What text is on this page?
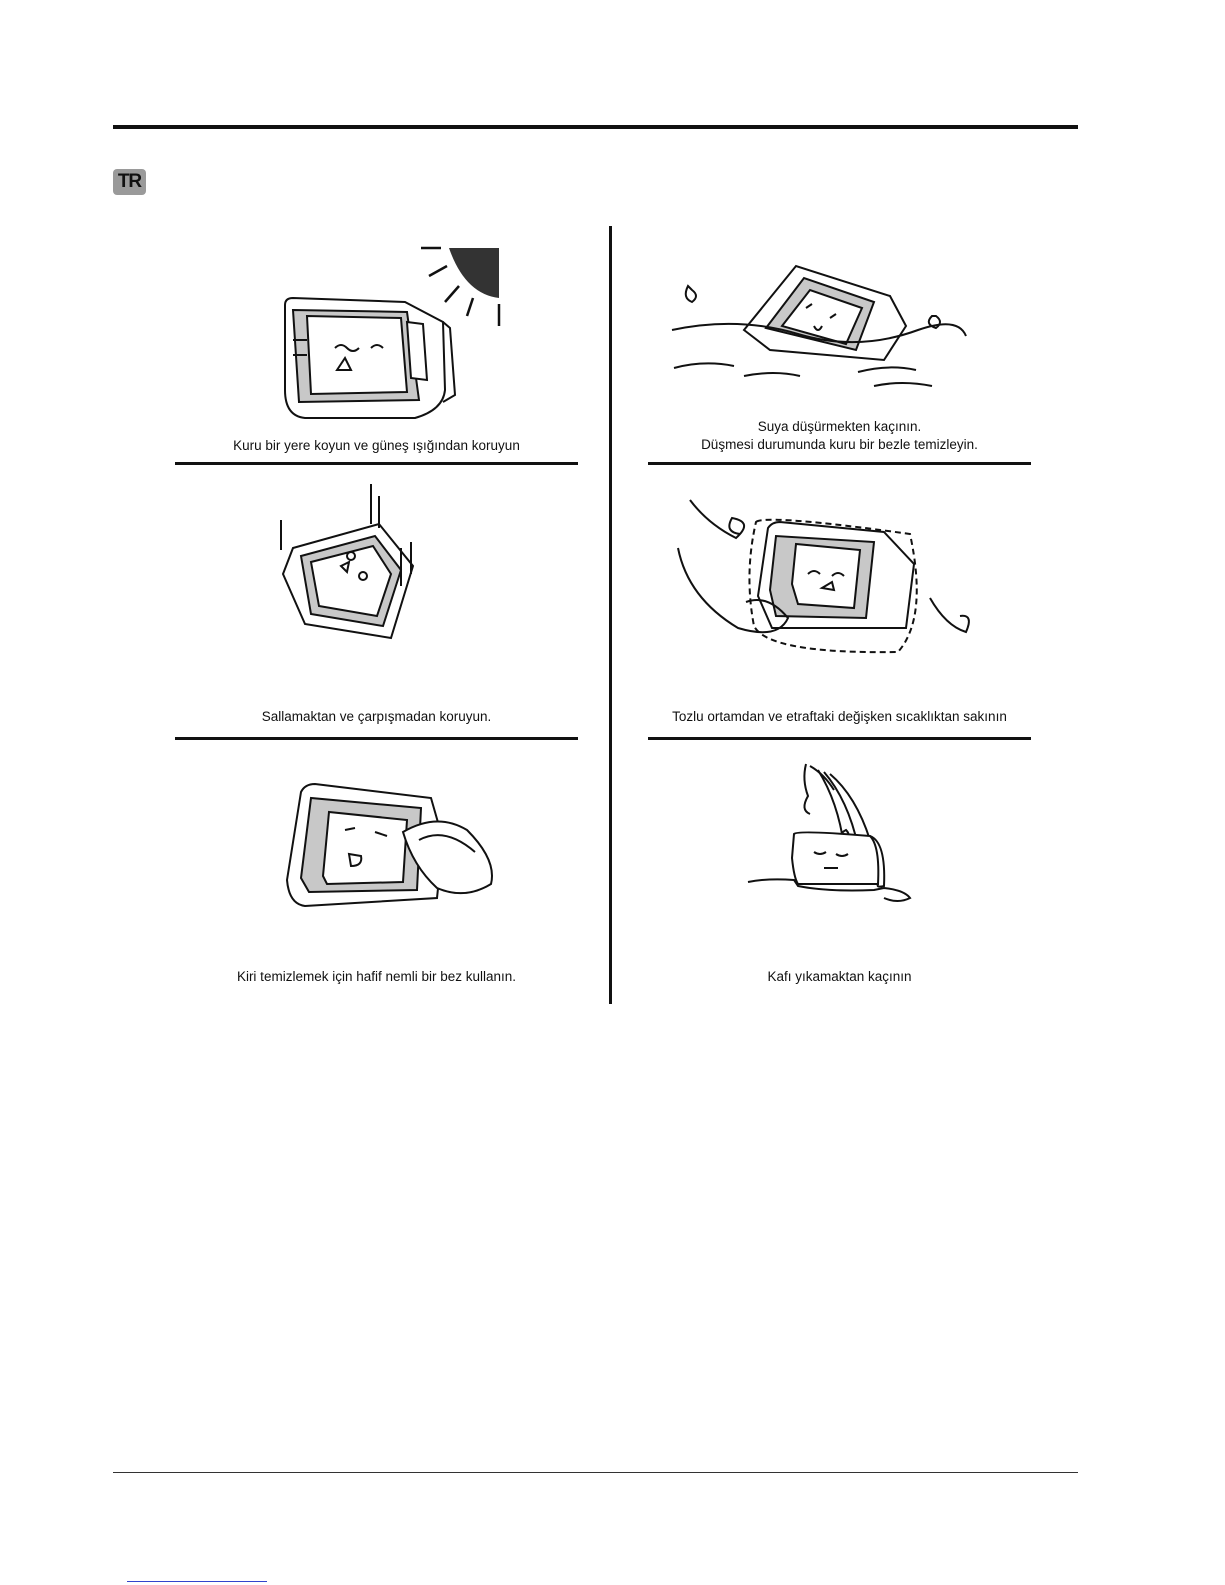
TR
Kuru bir yere koyun ve güneş ışığından koruyun
Suya düşürmekten kaçının.
Düşmesi durumunda kuru bir bezle temizleyin.
Sallamaktan ve çarpışmadan koruyun.	Tozlu ortamdan ve etraftaki değişken sıcaklıktan sakının
Kiri temizlemek için hafif nemli bir bez kullanın.	Kafı yıkamaktan kaçının
